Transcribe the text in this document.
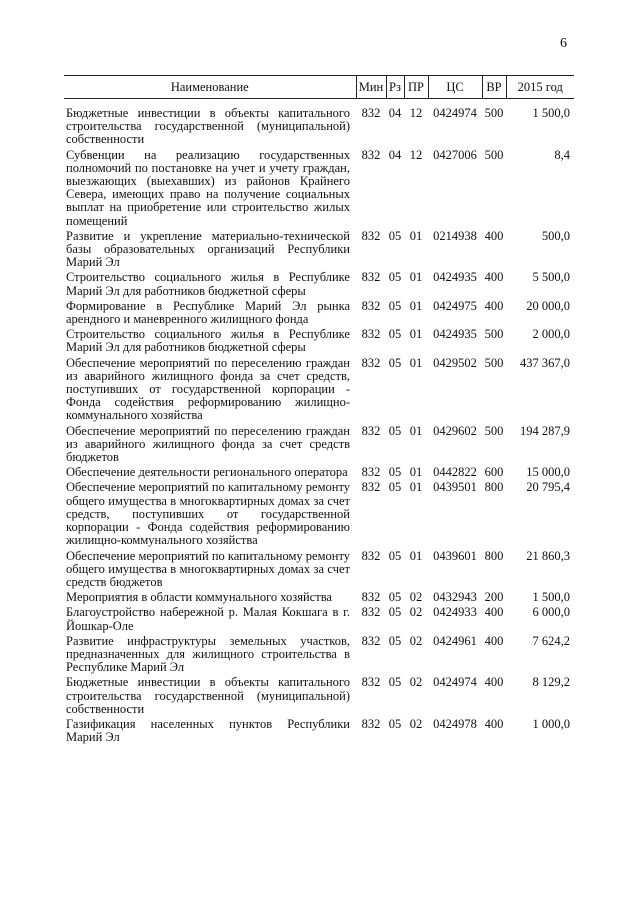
6
Наименование	Мин	Рз	ПР	ЦС	ВР	2015 год
Бюджетные инвестиции в объекты капитального строительства государственной (муниципальной) собственности	832	04	12	0424974	500	1 500,0
Субвенции на реализацию государственных полномочий по постановке на учет и учету граждан, выезжающих (выехавших) из районов Крайнего Севера, имеющих право на получение социальных выплат на приобретение или строительство жилых помещений	832	04	12	0427006	500	8,4
Развитие и укрепление материально-технической базы образовательных организаций Республики Марий Эл	832	05	01	0214938	400	500,0
Строительство социального жилья в Республике Марий Эл для работников бюджетной сферы	832	05	01	0424935	400	5 500,0
Формирование в Республике Марий Эл рынка арендного и маневренного жилищного фонда	832	05	01	0424975	400	20 000,0
Строительство социального жилья в Республике Марий Эл для работников бюджетной сферы	832	05	01	0424935	500	2 000,0
Обеспечение мероприятий по переселению граждан из аварийного жилищного фонда за счет средств, поступивших от государственной корпорации - Фонда содействия реформированию жилищно-коммунального хозяйства	832	05	01	0429502	500	437 367,0
Обеспечение мероприятий по переселению граждан из аварийного жилищного фонда за счет средств бюджетов	832	05	01	0429602	500	194 287,9
Обеспечение деятельности регионального оператора	832	05	01	0442822	600	15 000,0
Обеспечение мероприятий по капитальному ремонту общего имущества в многоквартирных домах за счет средств, поступивших от государственной корпорации - Фонда содействия реформированию жилищно-коммунального хозяйства	832	05	01	0439501	800	20 795,4
Обеспечение мероприятий по капитальному ремонту общего имущества в многоквартирных домах за счет средств бюджетов	832	05	01	0439601	800	21 860,3
Мероприятия в области коммунального хозяйства	832	05	02	0432943	200	1 500,0
Благоустройство набережной р. Малая Кокшага в г. Йошкар-Оле	832	05	02	0424933	400	6 000,0
Развитие инфраструктуры земельных участков, предназначенных для жилищного строительства в Республике Марий Эл	832	05	02	0424961	400	7 624,2
Бюджетные инвестиции в объекты капитального строительства государственной (муниципальной) собственности	832	05	02	0424974	400	8 129,2
Газификация населенных пунктов Республики Марий Эл	832	05	02	0424978	400	1 000,0
